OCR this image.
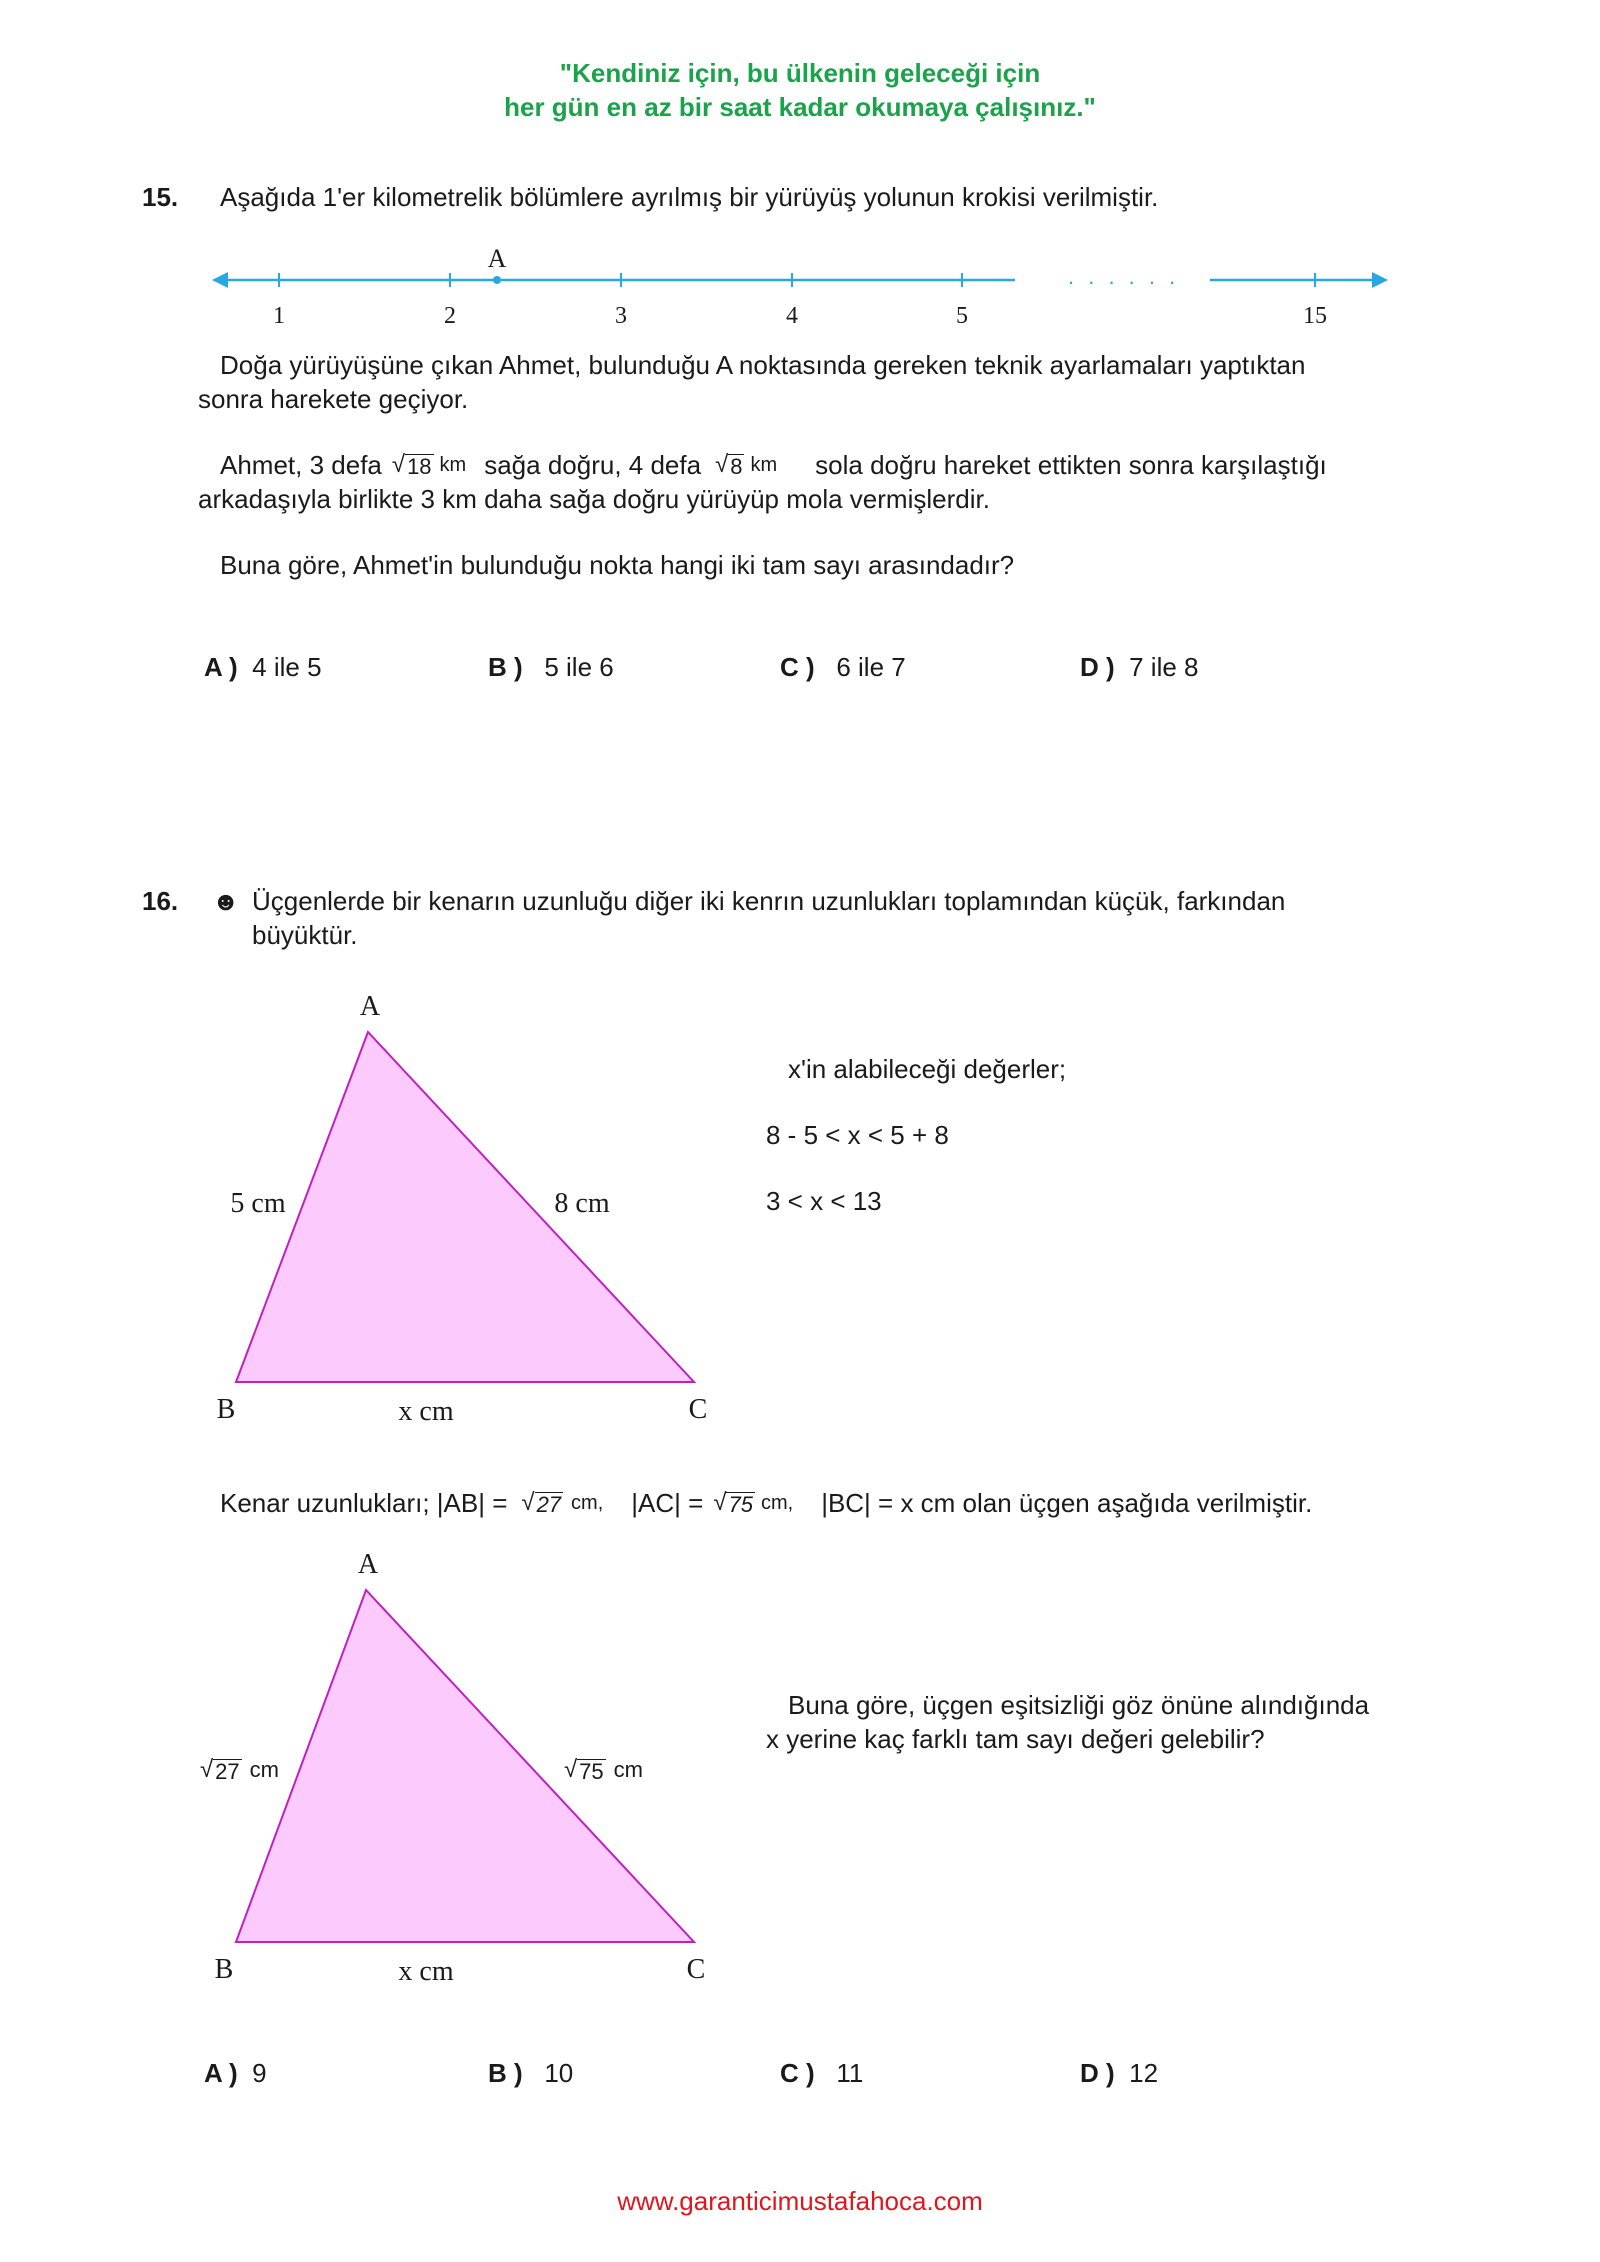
"Kendiniz için, bu ülkenin geleceği için
her gün en az bir saat kadar okumaya çalışınız."
15. Aşağıda 1'er kilometrelik bölümlere ayrılmış bir yürüyüş yolunun krokisi verilmiştir.
A
1	2	3	4	5	15
. . . . . .
Doğa yürüyüşüne çıkan Ahmet, bulunduğu A noktasında gereken teknik ayarlamaları yaptıktan
sonra harekete geçiyor.
Ahmet, 3 defa √ 18 km sağa doğru, 4 defa √ 8 km sola doğru hareket ettikten sonra karşılaştığı
arkadaşıyla birlikte 3 km daha sağa doğru yürüyüp mola vermişlerdir.
Buna göre, Ahmet'in bulunduğu nokta hangi iki tam sayı arasındadır?
A ) 4 ile 5	B ) 5 ile 6	C ) 6 ile 7	D ) 7 ile 8
16. ☻ Üçgenlerde bir kenarın uzunluğu diğer iki kenrın uzunlukları toplamından küçük, farkından
büyüktür.
A
B	C
5 cm	8 cm
x cm
x'in alabileceği değerler;
8 - 5 < x < 5 + 8
3 < x < 13
Kenar uzunlukları; |AB| = √ 27 cm, |AC| = √ 75 cm, |BC| = x cm olan üçgen aşağıda verilmiştir.
A
B	C
x cm
√ 27 cm	√ 75 cm
Buna göre, üçgen eşitsizliği göz önüne alındığında
x yerine kaç farklı tam sayı değeri gelebilir?
A ) 9	B ) 10	C ) 11	D ) 12
www.garanticimustafahoca.com
